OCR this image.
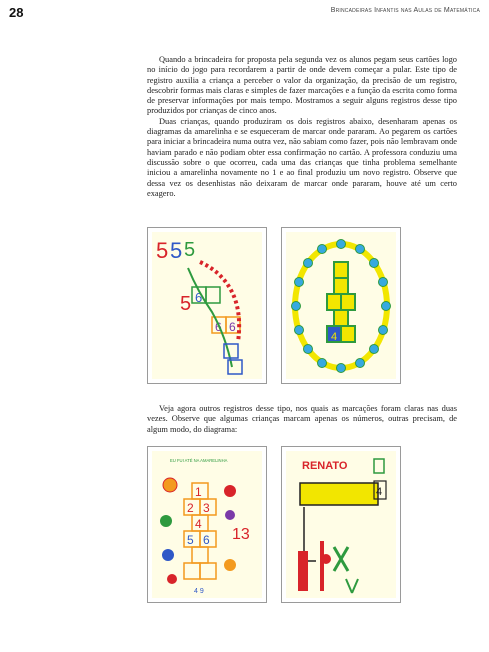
28	Brincadeiras Infantis nas Aulas de Matemática

Quando a brincadeira for proposta pela segunda vez os alunos pegam seus cartões logo no início do jogo para recordarem a partir de onde devem começar a pular. Este tipo de registro auxilia a criança a perceber o valor da organização, da precisão de um registro, descobrir formas mais claras e simples de fazer marcações e a função da escrita como forma de preservar informações por mais tempo. Mostramos a seguir alguns registros desse tipo produzidos por crianças de cinco anos.

Duas crianças, quando produziram os dois registros abaixo, desenharam apenas os diagramas da amarelinha e se esqueceram de marcar onde pararam. Ao pegarem os cartões para iniciar a brincadeira numa outra vez, não sabiam como fazer, pois não lembravam onde haviam parado e não podiam obter essa confirmação no cartão. A professora conduziu uma discussão sobre o que ocorreu, cada uma das crianças que tinha problema semelhante iniciou a amarelinha novamente no 1 e ao final produziu um novo registro. Observe que dessa vez os desenhistas não deixaram de marcar onde pararam, houve até um certo exagero.

5 5 5
5 6
6 6
4

Veja agora outros registros desse tipo, nos quais as marcações foram claras nas duas vezes. Observe que algumas crianças marcam apenas os números, outras precisam, de algum modo, do diagrama:

EU FUI ATÉ NA AMARELINHA
1
2 3
4
5 6 13
4 9
RENATO
4
